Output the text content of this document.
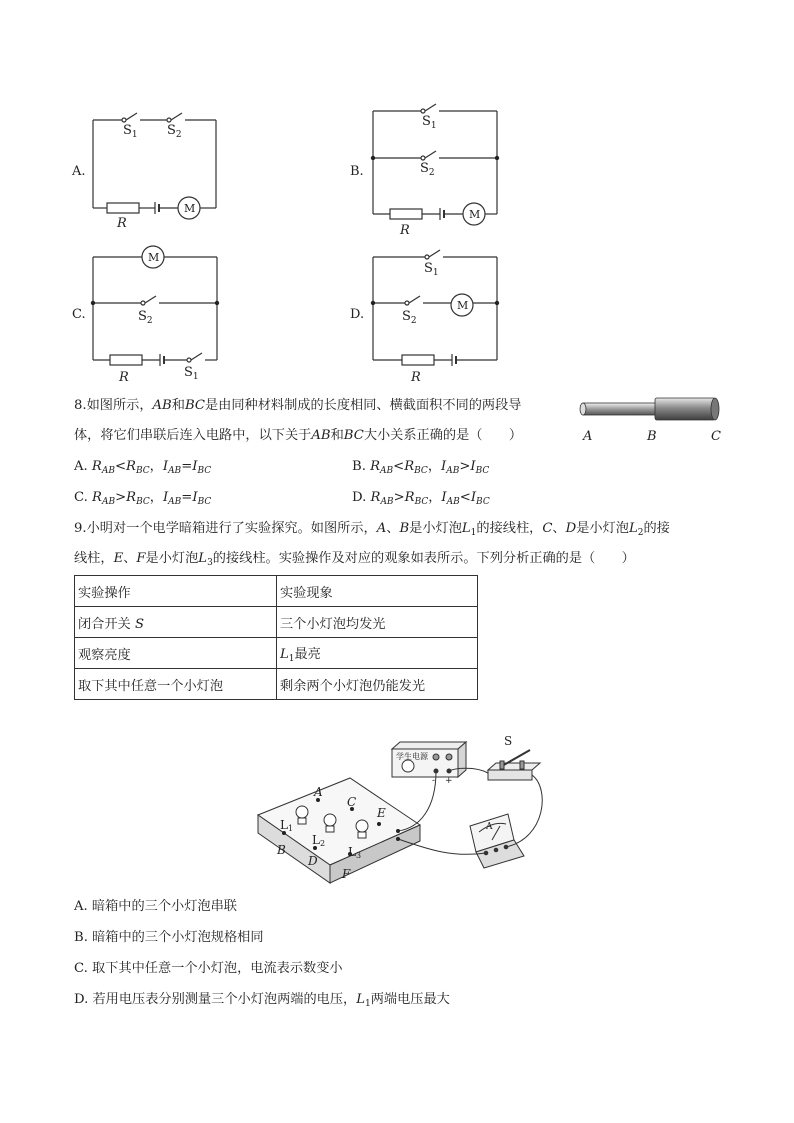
A.
$S_1$ $S_2$
R
M
B.
$S_1$
$S_2$
R
M
C.
M
$S_2$
R	$S_1$
D.
$S_1$
$S_2$
M
R
8.如图所示，AB和BC是由同种材料制成的长度相同、横截面积不同的两段导
体，将它们串联后连入电路中，以下关于AB和BC大小关系正确的是（　　）	A	B	C
A. $R_{AB}<R_{BC}$，$I_{AB}=I_{BC}$	B. $R_{AB}<R_{BC}$，$I_{AB}>I_{BC}$
C. $R_{AB}>R_{BC}$，$I_{AB}=I_{BC}$	D. $R_{AB}>R_{BC}$，$I_{AB}<I_{BC}$
9.小明对一个电学暗箱进行了实验探究。如图所示，A、B是小灯泡$L_1$的接线柱，C、D是小灯泡$L_2$的接
线柱，E、F是小灯泡$L_3$的接线柱。实验操作及对应的观象如表所示。下列分析正确的是（　　）
实验操作	实验现象
闭合开关 S	三个小灯泡均发光
观察亮度	$L_1$最亮
取下其中任意一个小灯泡	剩余两个小灯泡仍能发光
A
C
E
B
D
F
L1
L2
L3
学生电源
- +
S
A
A. 暗箱中的三个小灯泡串联
B. 暗箱中的三个小灯泡规格相同
C. 取下其中任意一个小灯泡，电流表示数变小
D. 若用电压表分别测量三个小灯泡两端的电压，$L_1$两端电压最大
